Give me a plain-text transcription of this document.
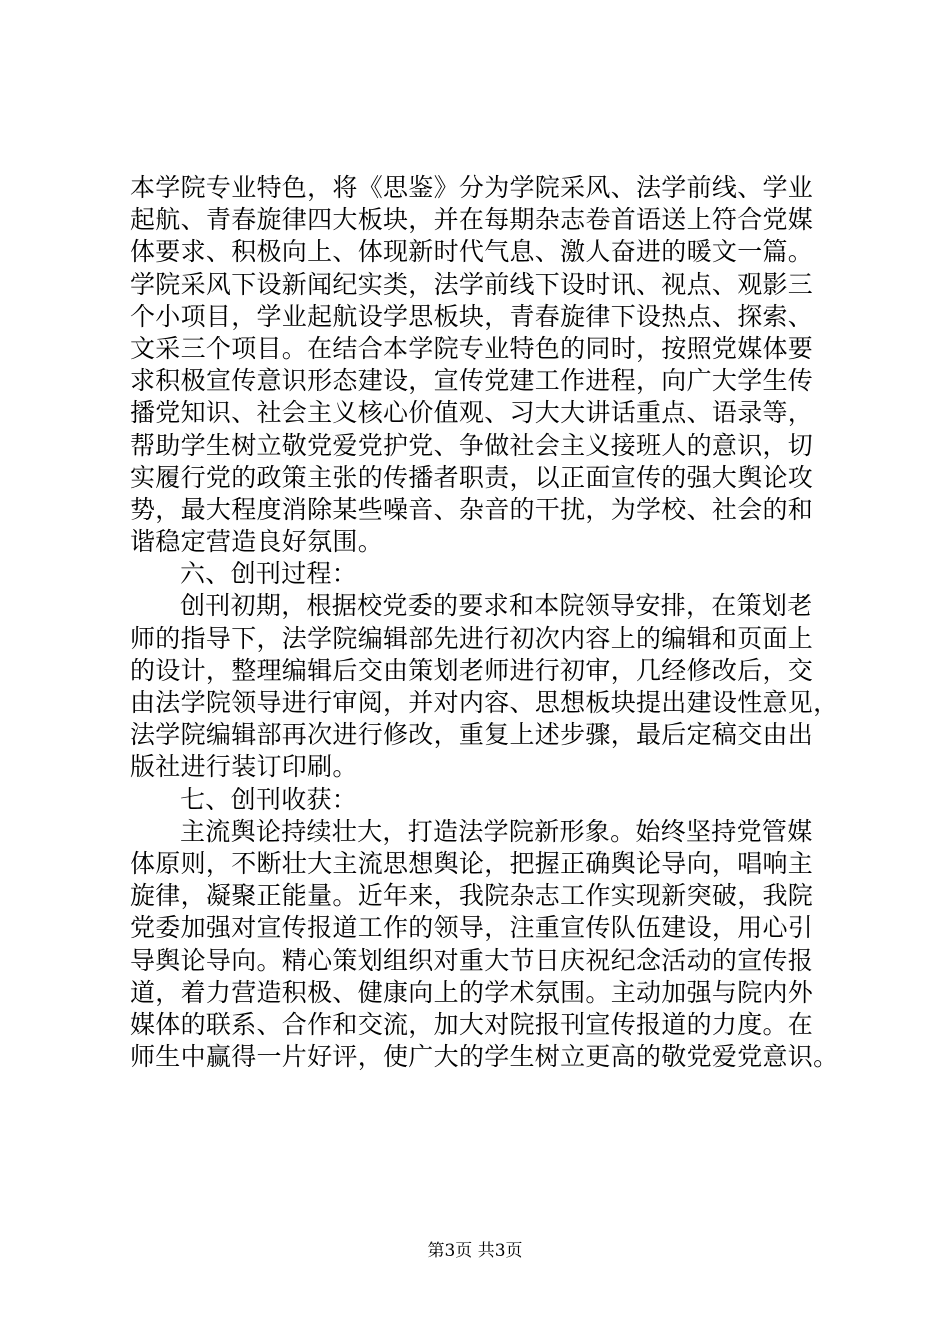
本学院专业特色，将《思鉴》分为学院采风、法学前线、学业
起航、青春旋律四大板块，并在每期杂志卷首语送上符合党媒
体要求、积极向上、体现新时代气息、激人奋进的暖文一篇。
学院采风下设新闻纪实类，法学前线下设时讯、视点、观影三
个小项目，学业起航设学思板块，青春旋律下设热点、探索、
文采三个项目。在结合本学院专业特色的同时，按照党媒体要
求积极宣传意识形态建设，宣传党建工作进程，向广大学生传
播党知识、社会主义核心价值观、习大大讲话重点、语录等，
帮助学生树立敬党爱党护党、争做社会主义接班人的意识，切
实履行党的政策主张的传播者职责，以正面宣传的强大舆论攻
势，最大程度消除某些噪音、杂音的干扰，为学校、社会的和
谐稳定营造良好氛围。
六、创刊过程：
创刊初期，根据校党委的要求和本院领导安排，在策划老
师的指导下，法学院编辑部先进行初次内容上的编辑和页面上
的设计，整理编辑后交由策划老师进行初审，几经修改后，交
由法学院领导进行审阅，并对内容、思想板块提出建设性意见，
法学院编辑部再次进行修改，重复上述步骤，最后定稿交由出
版社进行装订印刷。
七、创刊收获：
主流舆论持续壮大，打造法学院新形象。始终坚持党管媒
体原则，不断壮大主流思想舆论，把握正确舆论导向，唱响主
旋律，凝聚正能量。近年来，我院杂志工作实现新突破，我院
党委加强对宣传报道工作的领导，注重宣传队伍建设，用心引
导舆论导向。精心策划组织对重大节日庆祝纪念活动的宣传报
道，着力营造积极、健康向上的学术氛围。主动加强与院内外
媒体的联系、合作和交流，加大对院报刊宣传报道的力度。在
师生中赢得一片好评，使广大的学生树立更高的敬党爱党意识。
第3页 共3页
